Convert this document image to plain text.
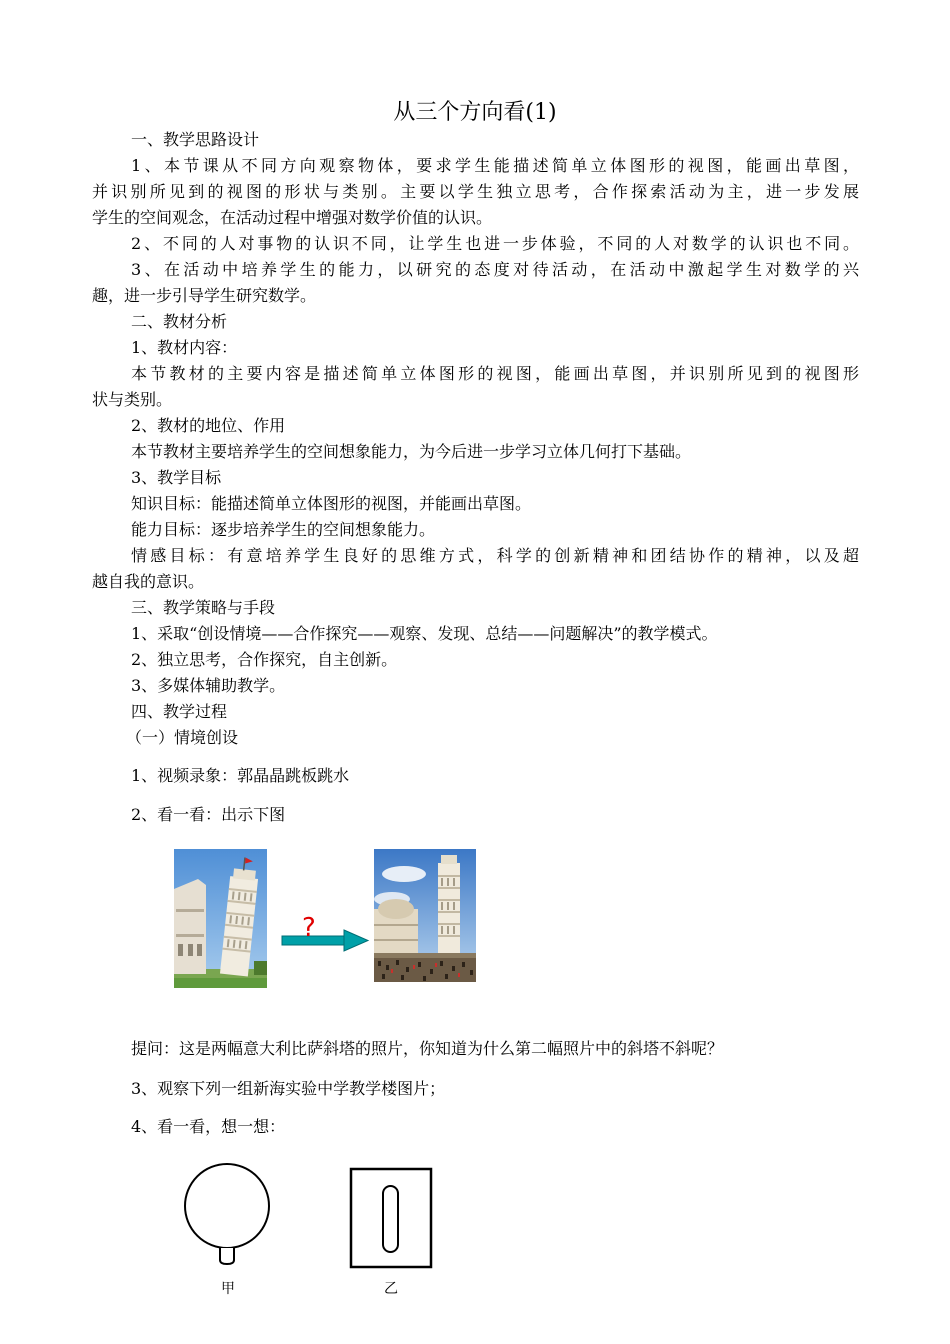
从三个方向看(1)
一、教学思路设计
1、本节课从不同方向观察物体，要求学生能描述简单立体图形的视图，能画出草图，
并识别所见到的视图的形状与类别。主要以学生独立思考，合作探索活动为主，进一步发展
学生的空间观念，在活动过程中增强对数学价值的认识。
2、不同的人对事物的认识不同，让学生也进一步体验，不同的人对数学的认识也不同。
3、在活动中培养学生的能力，以研究的态度对待活动，在活动中激起学生对数学的兴
趣，进一步引导学生研究数学。
二、教材分析
1、教材内容：
本节教材的主要内容是描述简单立体图形的视图，能画出草图，并识别所见到的视图形
状与类别。
2、教材的地位、作用
本节教材主要培养学生的空间想象能力，为今后进一步学习立体几何打下基础。
3、教学目标
知识目标：能描述简单立体图形的视图，并能画出草图。
能力目标：逐步培养学生的空间想象能力。
情感目标：有意培养学生良好的思维方式，科学的创新精神和团结协作的精神，以及超
越自我的意识。
三、教学策略与手段
1、采取“创设情境——合作探究——观察、发现、总结——问题解决”的教学模式。
2、独立思考，合作探究，自主创新。
3、多媒体辅助教学。
四、教学过程
（一）情境创设
1、视频录象：郭晶晶跳板跳水
2、看一看：出示下图
?
提问：这是两幅意大利比萨斜塔的照片，你知道为什么第二幅照片中的斜塔不斜呢？
3、观察下列一组新海实验中学教学楼图片；
4、看一看，想一想：
甲	乙
